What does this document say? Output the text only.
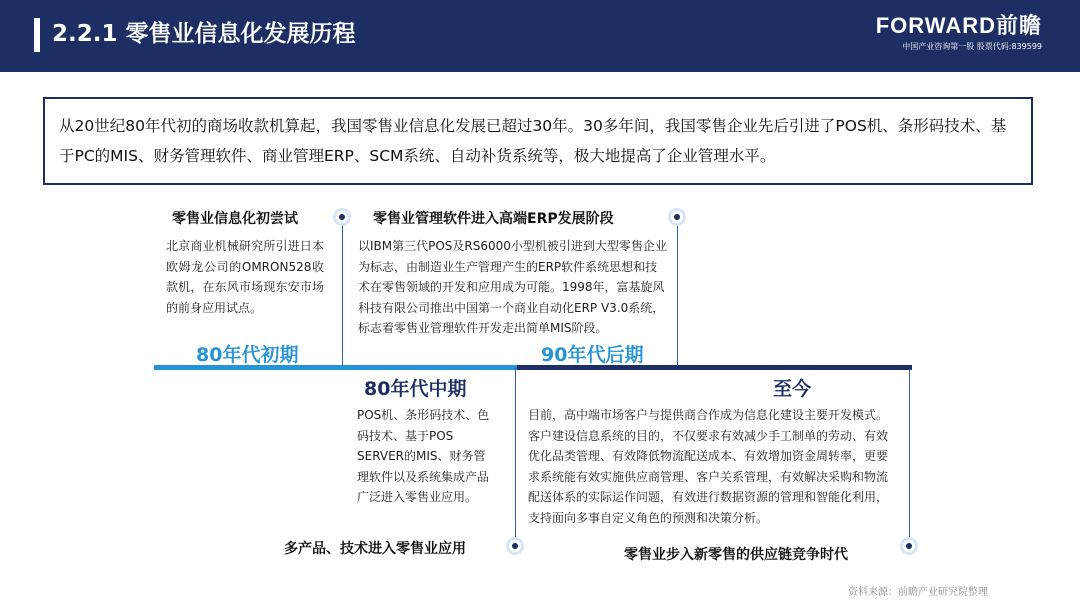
2.2.1 零售业信息化发展历程	FORWARD前瞻
中国产业咨询第一股 股票代码:839599
从20世纪80年代初的商场收款机算起，我国零售业信息化发展已超过30年。30多年间，我国零售企业先后引进了POS机、条形码技术、基于PC的MIS、财务管理软件、商业管理ERP、SCM系统、自动补货系统等，极大地提高了企业管理水平。
零售业信息化初尝试
北京商业机械研究所引进日本欧姆龙公司的OMRON528收款机，在东风市场现东安市场的前身应用试点。
80年代初期
零售业管理软件进入高端ERP发展阶段
以IBM第三代POS及RS6000小型机被引进到大型零售企业为标志，由制造业生产管理产生的ERP软件系统思想和技术在零售领域的开发和应用成为可能。1998年，富基旋风科技有限公司推出中国第一个商业自动化ERP V3.0系统，标志着零售业管理软件开发走出简单MIS阶段。
90年代后期
80年代中期
POS机、条形码技术、色码技术、基于POS SERVER的MIS、财务管理软件以及系统集成产品广泛进入零售业应用。
多产品、技术进入零售业应用
至今
目前，高中端市场客户与提供商合作成为信息化建设主要开发模式。客户建设信息系统的目的，不仅要求有效减少手工制单的劳动、有效优化品类管理、有效降低物流配送成本、有效增加资金周转率，更要求系统能有效实施供应商管理、客户关系管理，有效解决采购和物流配送体系的实际运作问题，有效进行数据资源的管理和智能化利用，支持面向多事自定义角色的预测和决策分析。
零售业步入新零售的供应链竞争时代
资料来源：前瞻产业研究院整理
